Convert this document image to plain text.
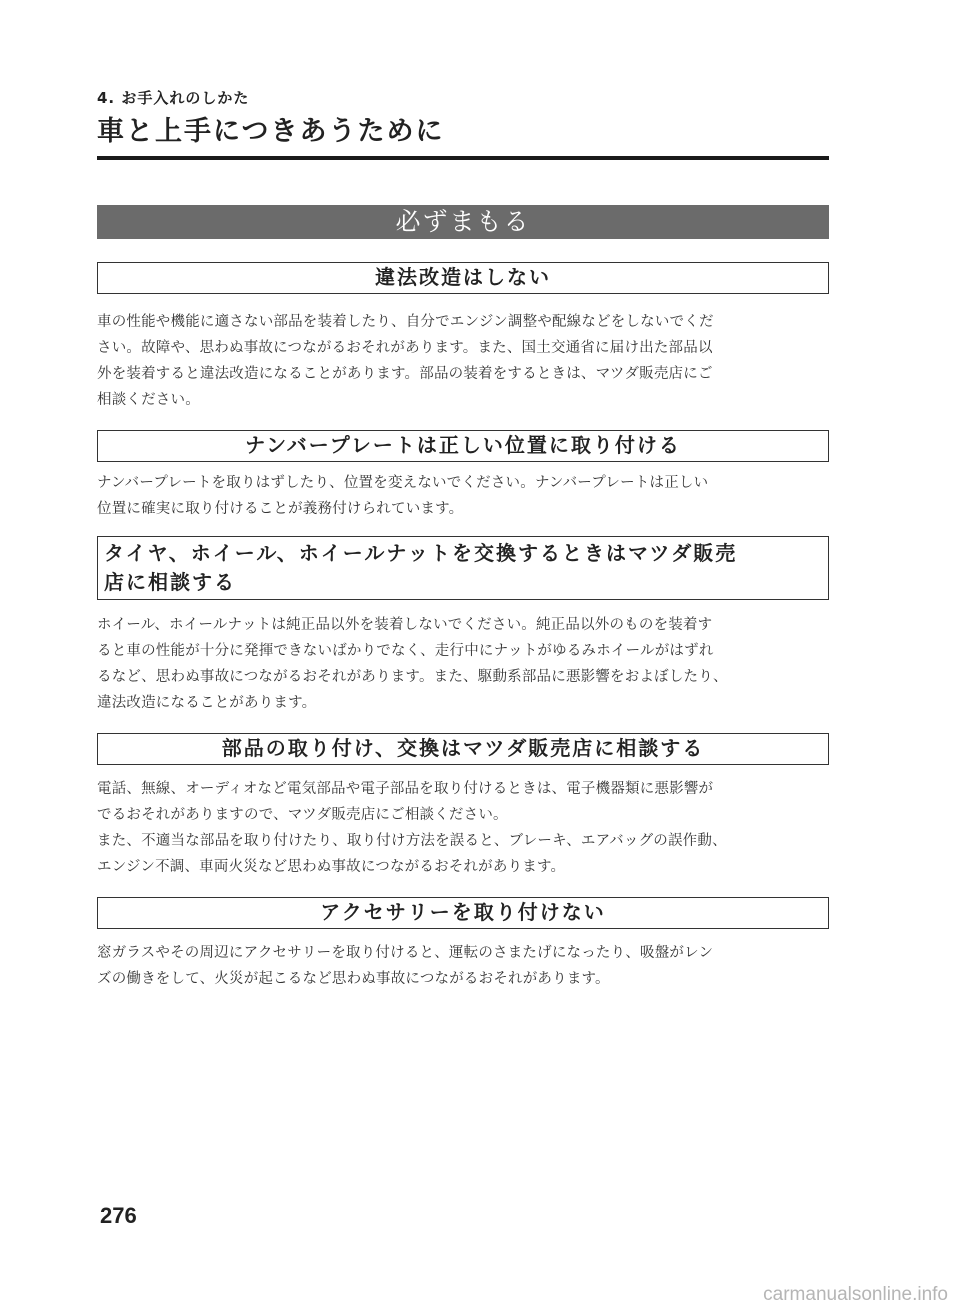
4. お手入れのしかた
車と上手につきあうために
必ずまもる
違法改造はしない

車の性能や機能に適さない部品を装着したり、自分でエンジン調整や配線などをしないでくだ
さい。故障や、思わぬ事故につながるおそれがあります。また、国土交通省に届け出た部品以
外を装着すると違法改造になることがあります。部品の装着をするときは、マツダ販売店にご
相談ください。

ナンバープレートは正しい位置に取り付ける

ナンバープレートを取りはずしたり、位置を変えないでください。ナンバープレートは正しい
位置に確実に取り付けることが義務付けられています。

タイヤ、ホイール、ホイールナットを交換するときはマツダ販売
店に相談する

ホイール、ホイールナットは純正品以外を装着しないでください。純正品以外のものを装着す
ると車の性能が十分に発揮できないばかりでなく、走行中にナットがゆるみホイールがはずれ
るなど、思わぬ事故につながるおそれがあります。また、駆動系部品に悪影響をおよぼしたり、
違法改造になることがあります。

部品の取り付け、交換はマツダ販売店に相談する

電話、無線、オーディオなど電気部品や電子部品を取り付けるときは、電子機器類に悪影響が
でるおそれがありますので、マツダ販売店にご相談ください。
また、不適当な部品を取り付けたり、取り付け方法を誤ると、ブレーキ、エアバッグの誤作動、
エンジン不調、車両火災など思わぬ事故につながるおそれがあります。

アクセサリーを取り付けない

窓ガラスやその周辺にアクセサリーを取り付けると、運転のさまたげになったり、吸盤がレン
ズの働きをして、火災が起こるなど思わぬ事故につながるおそれがあります。

276
carmanualsonline.info
